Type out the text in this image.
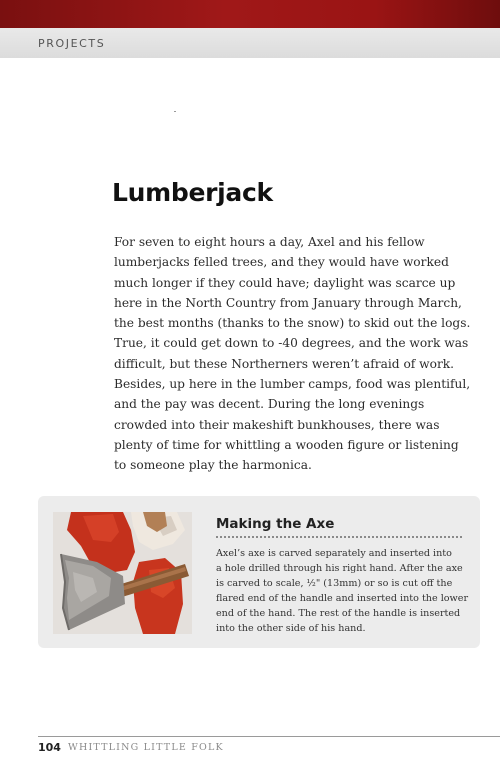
PROJECTS
Lumberjack
For seven to eight hours a day, Axel and his fellow
lumberjacks felled trees, and they would have worked
much longer if they could have; daylight was scarce up
here in the North Country from January through March,
the best months (thanks to the snow) to skid out the logs.
True, it could get down to -40 degrees, and the work was
difficult, but these Northerners weren’t afraid of work.
Besides, up here in the lumber camps, food was plentiful,
and the pay was decent. During the long evenings
crowded into their makeshift bunkhouses, there was
plenty of time for whittling a wooden figure or listening
to someone play the harmonica.
Making the Axe
Axel’s axe is carved separately and inserted into
a hole drilled through his right hand. After the axe
is carved to scale, ½" (13mm) or so is cut off the
flared end of the handle and inserted into the lower
end of the hand. The rest of the handle is inserted
into the other side of his hand.
104 WHITTLING LITTLE FOLK
